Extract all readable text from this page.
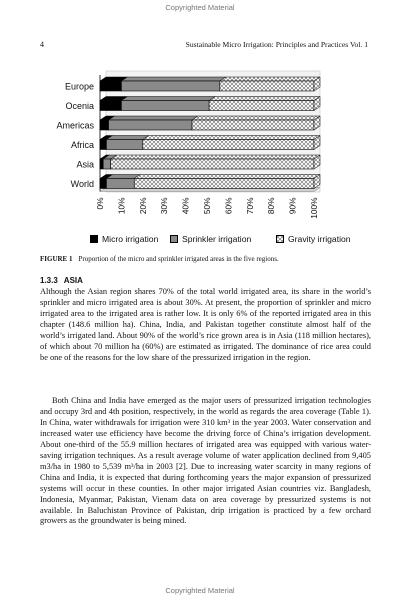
Copyrighted Material
4	Sustainable Micro Irrigation: Principles and Practices Vol. 1
Europe
Ocenia
Americas
Africa
Asia
World
0% 10% 20% 30% 40% 50% 60% 70% 80% 90% 100%
Micro irrigation	Sprinkler irrigation	Gravity irrigation
FIGURE 1 Proportion of the micro and sprinkler irrigated areas in the five regions.
1.3.3 ASIA
Although the Asian region shares 70% of the total world irrigated area, its share in the world’s sprinkler and micro irrigated area is about 30%. At present, the proportion of sprinkler and micro irrigated area to the irrigated area is rather low. It is only 6% of the reported irrigated area in this chapter (148.6 million ha). China, India, and Pakistan together constitute almost half of the world’s irrigated land. About 90% of the world’s rice grown area is in Asia (118 million hectares), of which about 70 million ha (60%) are estimated as irrigated. The dominance of rice area could be one of the reasons for the low share of the pressurized irrigation in the region.
Both China and India have emerged as the major users of pressurized irrigation technologies and occupy 3rd and 4th position, respectively, in the world as regards the area coverage (Table 1). In China, water withdrawals for irrigation were 310 km³ in the year 2003. Water conservation and increased water use efficiency have become the driving force of China’s irrigation development. About one-third of the 55.9 million hectares of irrigated area was equipped with various water-saving irrigation techniques. As a result average volume of water application declined from 9,405 m3/ha in 1980 to 5,539 m³/ha in 2003 [2]. Due to increasing water scarcity in many regions of China and India, it is expected that during forthcoming years the major expansion of pressurized systems will occur in these counties. In other major irrigated Asian countries viz. Bangladesh, Indonesia, Myanmar, Pakistan, Vienam data on area coverage by pressurized systems is not available. In Baluchistan Province of Pakistan, drip irrigation is practiced by a few orchard growers as the groundwater is being mined.
Copyrighted Material
